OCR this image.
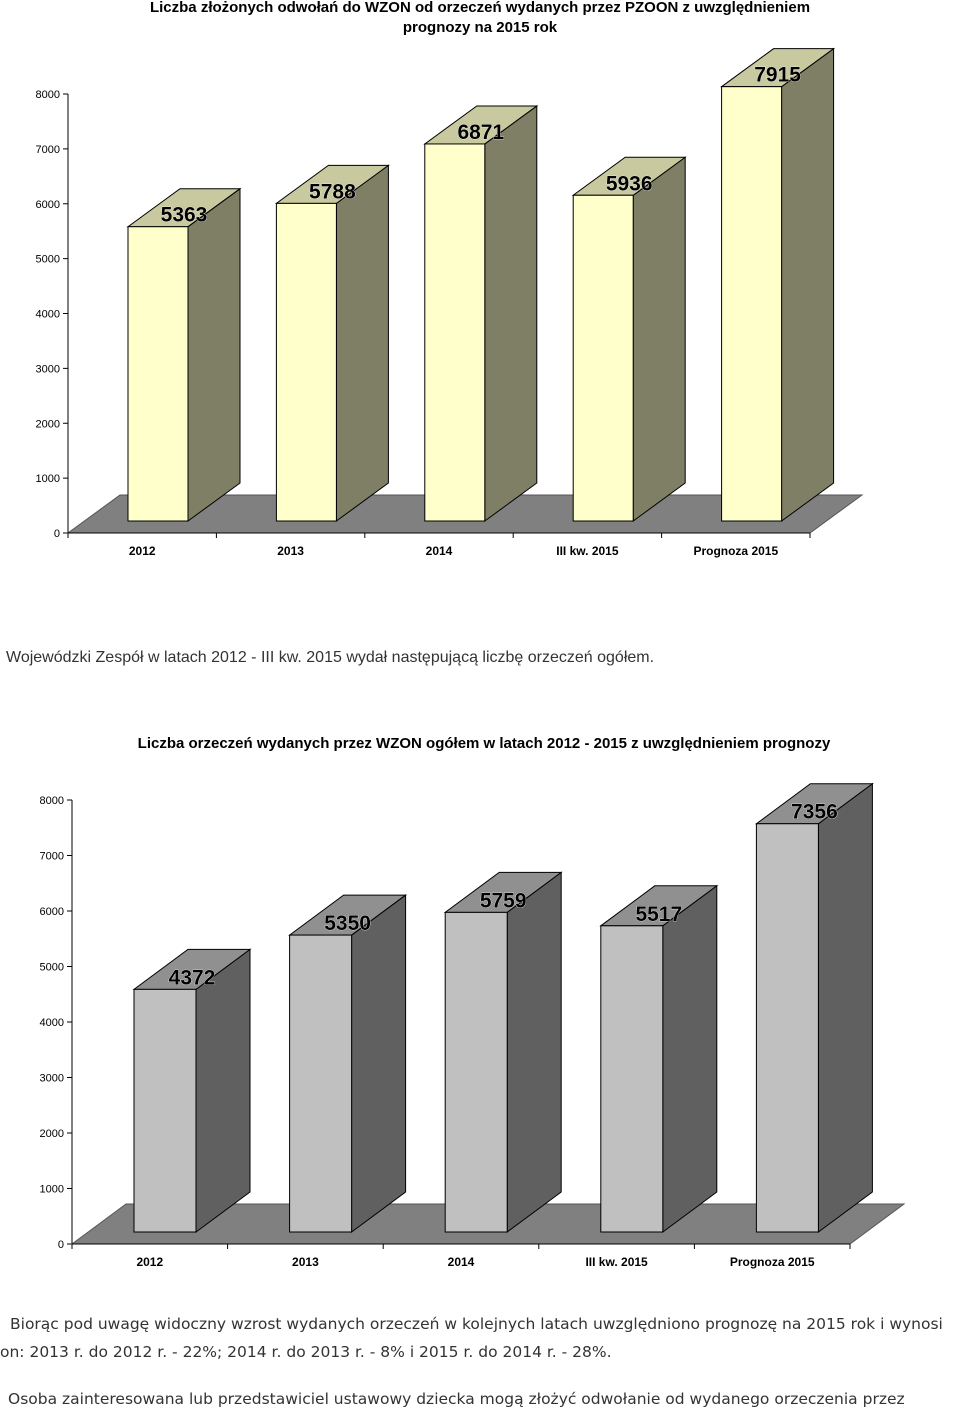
Liczba złożonych odwołań do WZON od orzeczeń wydanych przez PZOON z uwzględnieniem
prognozy na 2015 rok
0
1000
2000
3000
4000
5000
6000
7000
8000
2012	2013	2014	III kw. 2015	Prognoza 2015
5363
5788
6871
5936
7915
Wojewódzki Zespół w latach 2012 - III kw. 2015 wydał następującą liczbę orzeczeń ogółem.
Liczba orzeczeń wydanych przez WZON ogółem w latach 2012 - 2015 z uwzględnieniem prognozy
0
1000
2000
3000
4000
5000
6000
7000
8000
2012	2013	2014	III kw. 2015	Prognoza 2015
4372
5350
5759
5517
7356
Biorąc pod uwagę widoczny wzrost wydanych orzeczeń w kolejnych latach uwzględniono prognozę na 2015 rok i wynosi
on: 2013 r. do 2012 r. - 22%; 2014 r. do 2013 r. - 8% i 2015 r. do 2014 r. - 28%.
Osoba zainteresowana lub przedstawiciel ustawowy dziecka mogą złożyć odwołanie od wydanego orzeczenia przez
